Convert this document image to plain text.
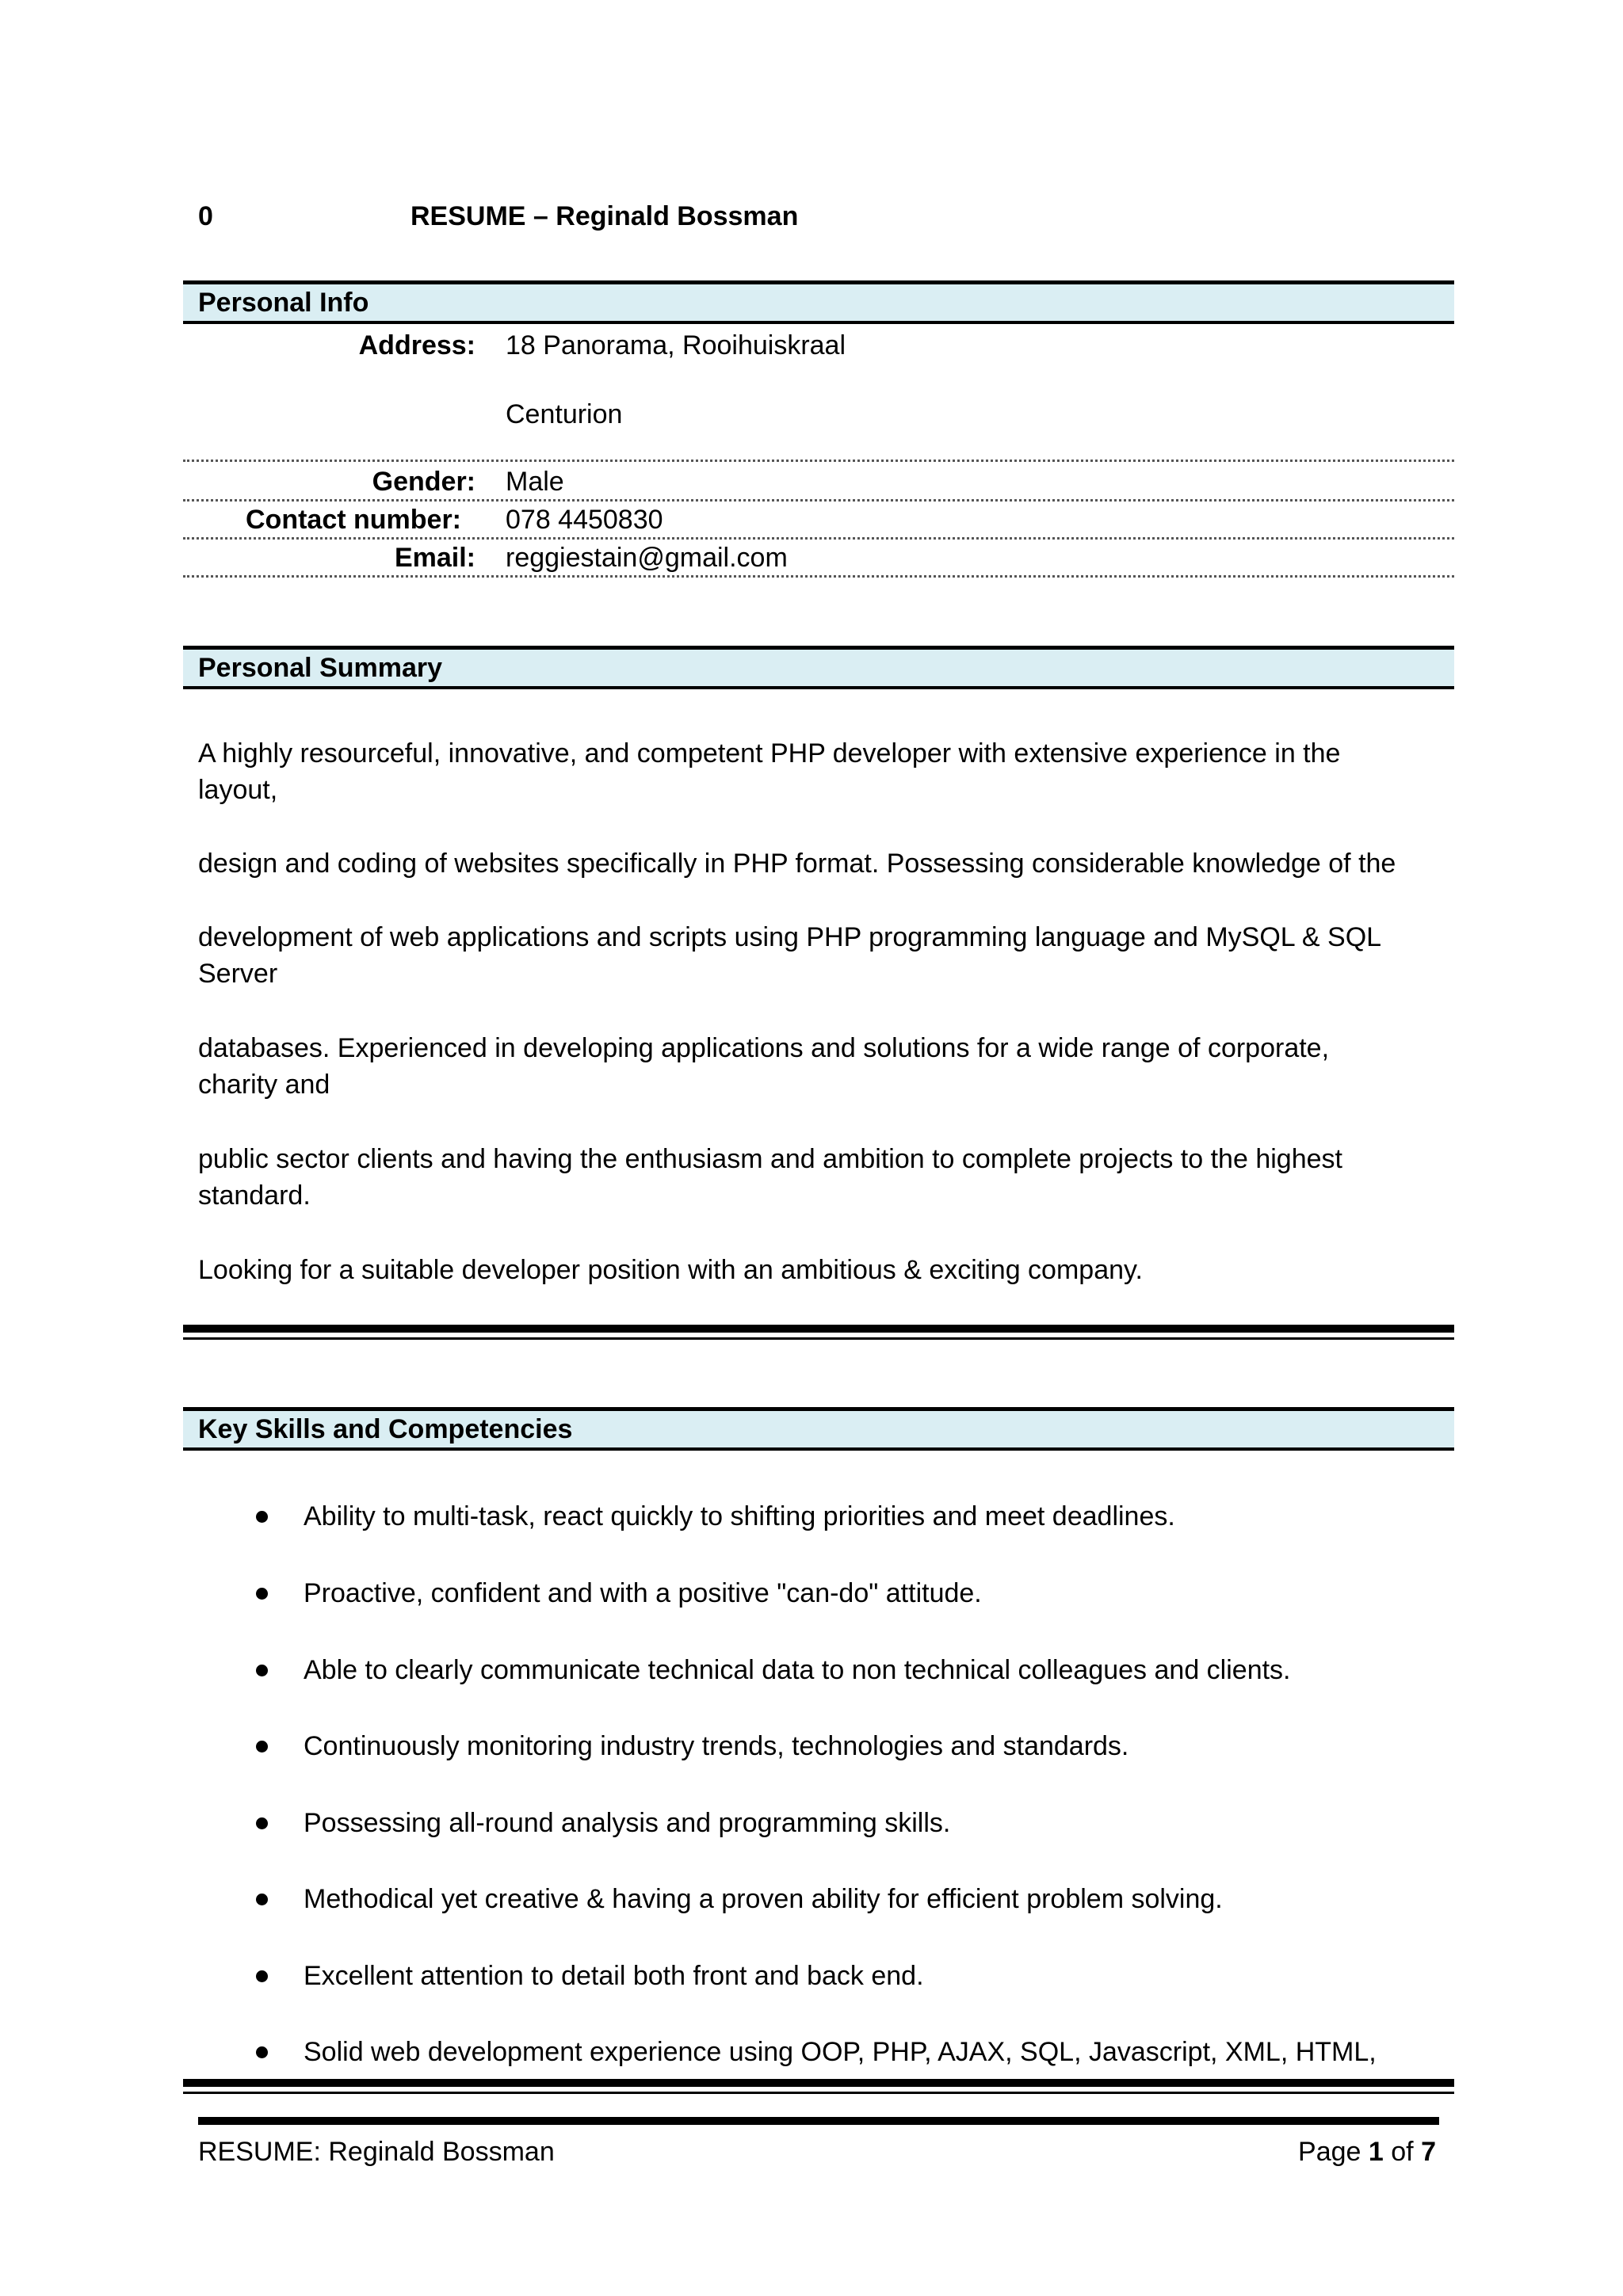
0	RESUME – Reginald Bossman
Personal Info
Address: 18 Panorama, Rooihuiskraal
Centurion
Gender: Male
Contact number: 078 4450830
Email: reggiestain@gmail.com
Personal Summary
A highly resourceful, innovative, and competent PHP developer with extensive experience in the
layout,
design and coding of websites specifically in PHP format. Possessing considerable knowledge of the
development of web applications and scripts using PHP programming language and MySQL & SQL
Server
databases. Experienced in developing applications and solutions for a wide range of corporate,
charity and
public sector clients and having the enthusiasm and ambition to complete projects to the highest
standard.
Looking for a suitable developer position with an ambitious & exciting company.
Key Skills and Competencies
Ability to multi-task, react quickly to shifting priorities and meet deadlines.
Proactive, confident and with a positive "can-do" attitude.
Able to clearly communicate technical data to non technical colleagues and clients.
Continuously monitoring industry trends, technologies and standards.
Possessing all-round analysis and programming skills.
Methodical yet creative & having a proven ability for efficient problem solving.
Excellent attention to detail both front and back end.
Solid web development experience using OOP, PHP, AJAX, SQL, Javascript, XML, HTML,
RESUME: Reginald Bossman	Page 1 of 7
